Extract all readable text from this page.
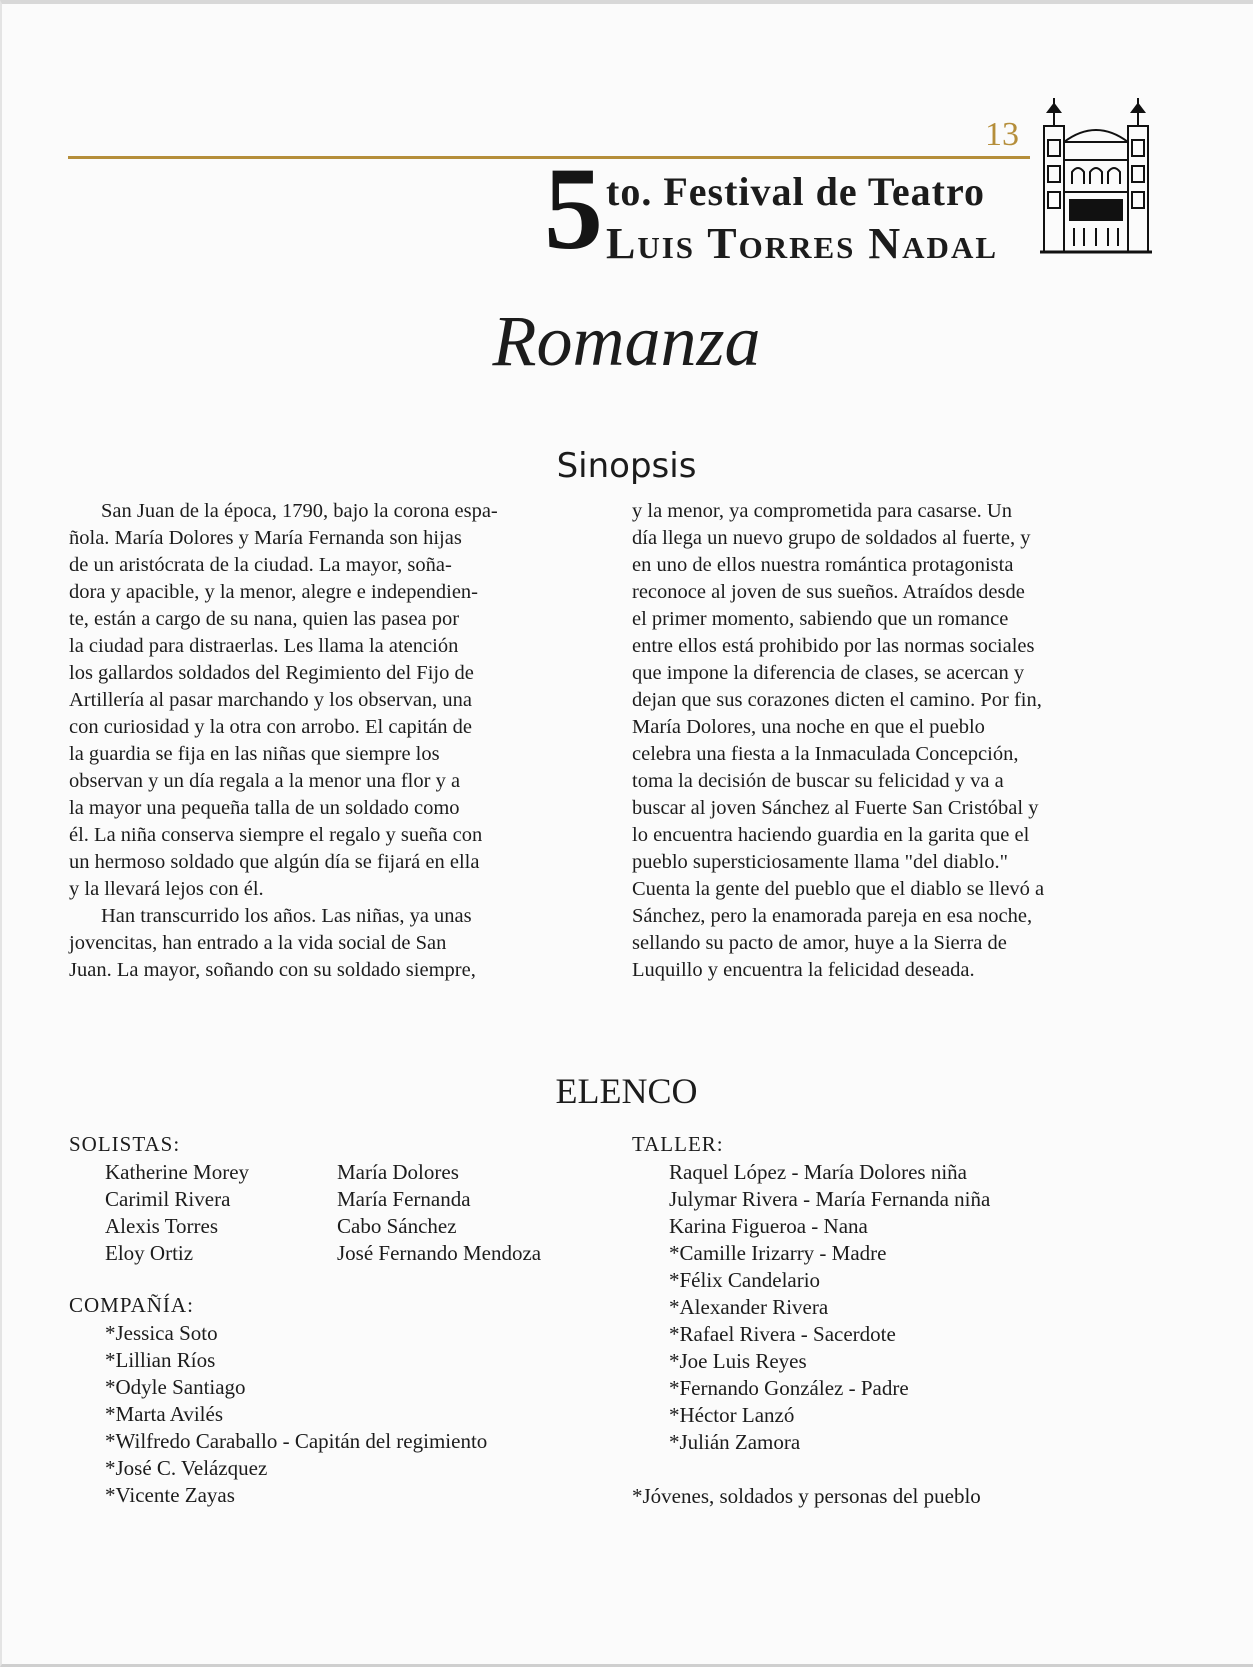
13
5 to. Festival de Teatro
Luis Torres Nadal
Romanza
Sinopsis
San Juan de la época, 1790, bajo la corona espa-
ñola. María Dolores y María Fernanda son hijas
de un aristócrata de la ciudad. La mayor, soña-
dora y apacible, y la menor, alegre e independien-
te, están a cargo de su nana, quien las pasea por
la ciudad para distraerlas. Les llama la atención
los gallardos soldados del Regimiento del Fijo de
Artillería al pasar marchando y los observan, una
con curiosidad y la otra con arrobo. El capitán de
la guardia se fija en las niñas que siempre los
observan y un día regala a la menor una flor y a
la mayor una pequeña talla de un soldado como
él. La niña conserva siempre el regalo y sueña con
un hermoso soldado que algún día se fijará en ella
y la llevará lejos con él.
Han transcurrido los años. Las niñas, ya unas
jovencitas, han entrado a la vida social de San
Juan. La mayor, soñando con su soldado siempre,
y la menor, ya comprometida para casarse. Un
día llega un nuevo grupo de soldados al fuerte, y
en uno de ellos nuestra romántica protagonista
reconoce al joven de sus sueños. Atraídos desde
el primer momento, sabiendo que un romance
entre ellos está prohibido por las normas sociales
que impone la diferencia de clases, se acercan y
dejan que sus corazones dicten el camino. Por fin,
María Dolores, una noche en que el pueblo
celebra una fiesta a la Inmaculada Concepción,
toma la decisión de buscar su felicidad y va a
buscar al joven Sánchez al Fuerte San Cristóbal y
lo encuentra haciendo guardia en la garita que el
pueblo supersticiosamente llama "del diablo."
Cuenta la gente del pueblo que el diablo se llevó a
Sánchez, pero la enamorada pareja en esa noche,
sellando su pacto de amor, huye a la Sierra de
Luquillo y encuentra la felicidad deseada.
ELENCO
SOLISTAS:
Katherine Morey
Carimil Rivera
Alexis Torres
Eloy Ortiz
María Dolores
María Fernanda
Cabo Sánchez
José Fernando Mendoza
COMPAÑÍA:
*Jessica Soto
*Lillian Ríos
*Odyle Santiago
*Marta Avilés
*Wilfredo Caraballo - Capitán del regimiento
*José C. Velázquez
*Vicente Zayas
TALLER:
Raquel López - María Dolores niña
Julymar Rivera - María Fernanda niña
Karina Figueroa - Nana
*Camille Irizarry - Madre
*Félix Candelario
*Alexander Rivera
*Rafael Rivera - Sacerdote
*Joe Luis Reyes
*Fernando González - Padre
*Héctor Lanzó
*Julián Zamora
*Jóvenes, soldados y personas del pueblo
